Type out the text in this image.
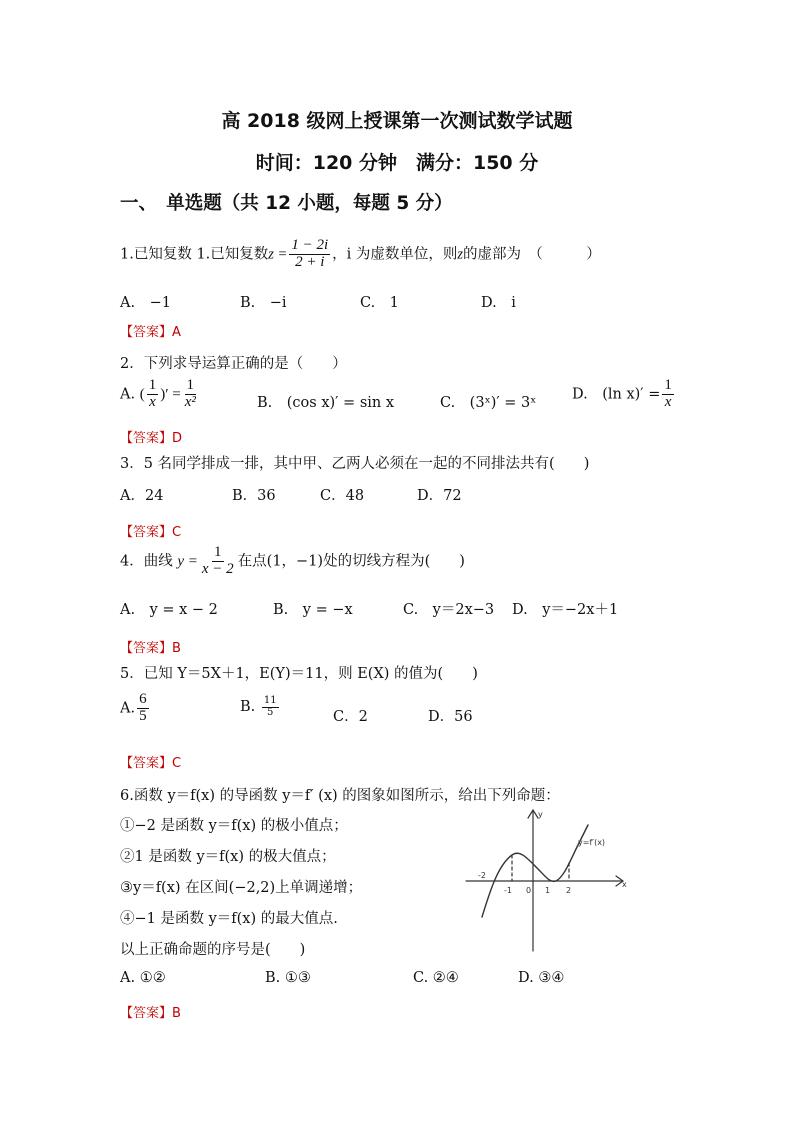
高 2018 级网上授课第一次测试数学试题
时间：120 分钟　满分：150 分
一、　单选题（共 12 小题，每题 5 分）
1.已知复数 1.已知复数$z = \frac{1 - 2i}{2 + i}$ ，i 为虚数单位，则z的虚部为　（　　　）
A.　−1	B.　−i	C.　1	D.　i
【答案】A
2．下列求导运算正确的是（　　）
A. ( $\frac{1}{x}$ )′ = $\frac{1}{\text{x²}}$	B.　(cos x)′ = sin x	C.　(3ˣ)′ = 3ˣ
D.　(ln $x)' = \frac{1}{x}$
【答案】D
3．5 名同学排成一排，其中甲、乙两人必须在一起的不同排法共有(　　)
A．24	B．36	C．48	D．72
【答案】C
4．曲线 $y = \frac{1}{x - 2}$ 在点(1，−1)处的切线方程为(　　)
A.　y = x − 2	B.　y = −x	C.　y＝2x−3 D.　y＝−2x＋1
【答案】B
5．已知 Y＝5X＋1，E(Y)＝11，则 E(X) 的值为(　　)
A. $\frac{6}{5}$	B. $\frac{11}{5}$	C．2	D．56
【答案】C
6.函数 y＝f(x) 的导函数 y＝f′ (x) 的图象如图所示，给出下列命题：
①−2 是函数 y＝f(x) 的极小值点；
②1 是函数 y＝f(x) 的极大值点；
③y＝f(x) 在区间(−2,2)上单调递增；
④−1 是函数 y＝f(x) 的最大值点.
以上正确命题的序号是(　　)
A. ①②	B. ①③	C. ②④	D. ③④
【答案】B
-2
-1 0 1 2
y
x
y=f′(x)
